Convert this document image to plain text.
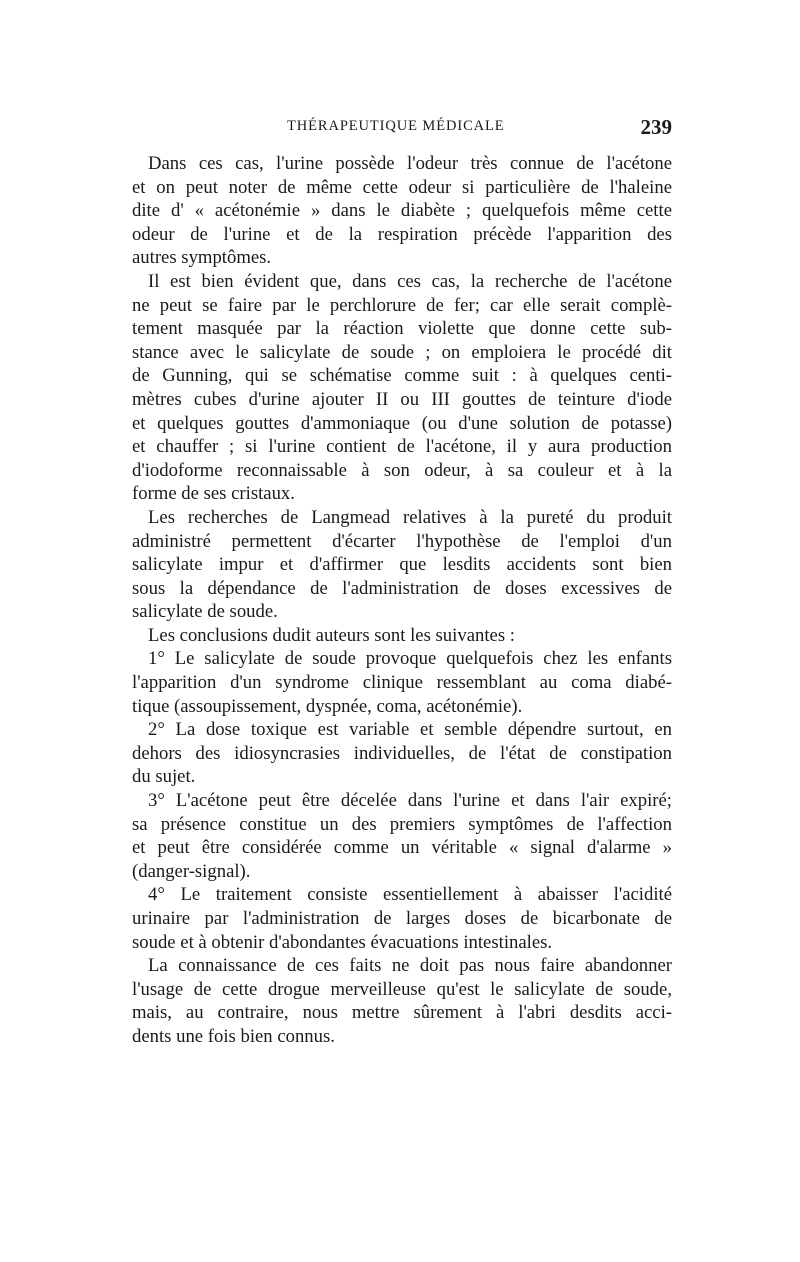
THÉRAPEUTIQUE MÉDICALE	239
Dans ces cas, l'urine possède l'odeur très connue de l'acétone
et on peut noter de même cette odeur si particulière de l'haleine
dite d' « acétonémie » dans le diabète ; quelquefois même cette
odeur de l'urine et de la respiration précède l'apparition des
autres symptômes.
Il est bien évident que, dans ces cas, la recherche de l'acétone
ne peut se faire par le perchlorure de fer; car elle serait complè-
tement masquée par la réaction violette que donne cette sub-
stance avec le salicylate de soude ; on emploiera le procédé dit
de Gunning, qui se schématise comme suit : à quelques centi-
mètres cubes d'urine ajouter II ou III gouttes de teinture d'iode
et quelques gouttes d'ammoniaque (ou d'une solution de potasse)
et chauffer ; si l'urine contient de l'acétone, il y aura production
d'iodoforme reconnaissable à son odeur, à sa couleur et à la
forme de ses cristaux.
Les recherches de Langmead relatives à la pureté du produit
administré permettent d'écarter l'hypothèse de l'emploi d'un
salicylate impur et d'affirmer que lesdits accidents sont bien
sous la dépendance de l'administration de doses excessives de
salicylate de soude.
Les conclusions dudit auteurs sont les suivantes :
1° Le salicylate de soude provoque quelquefois chez les enfants
l'apparition d'un syndrome clinique ressemblant au coma diabé-
tique (assoupissement, dyspnée, coma, acétonémie).
2° La dose toxique est variable et semble dépendre surtout, en
dehors des idiosyncrasies individuelles, de l'état de constipation
du sujet.
3° L'acétone peut être décelée dans l'urine et dans l'air expiré;
sa présence constitue un des premiers symptômes de l'affection
et peut être considérée comme un véritable « signal d'alarme »
(danger-signal).
4° Le traitement consiste essentiellement à abaisser l'acidité
urinaire par l'administration de larges doses de bicarbonate de
soude et à obtenir d'abondantes évacuations intestinales.
La connaissance de ces faits ne doit pas nous faire abandonner
l'usage de cette drogue merveilleuse qu'est le salicylate de soude,
mais, au contraire, nous mettre sûrement à l'abri desdits acci-
dents une fois bien connus.
